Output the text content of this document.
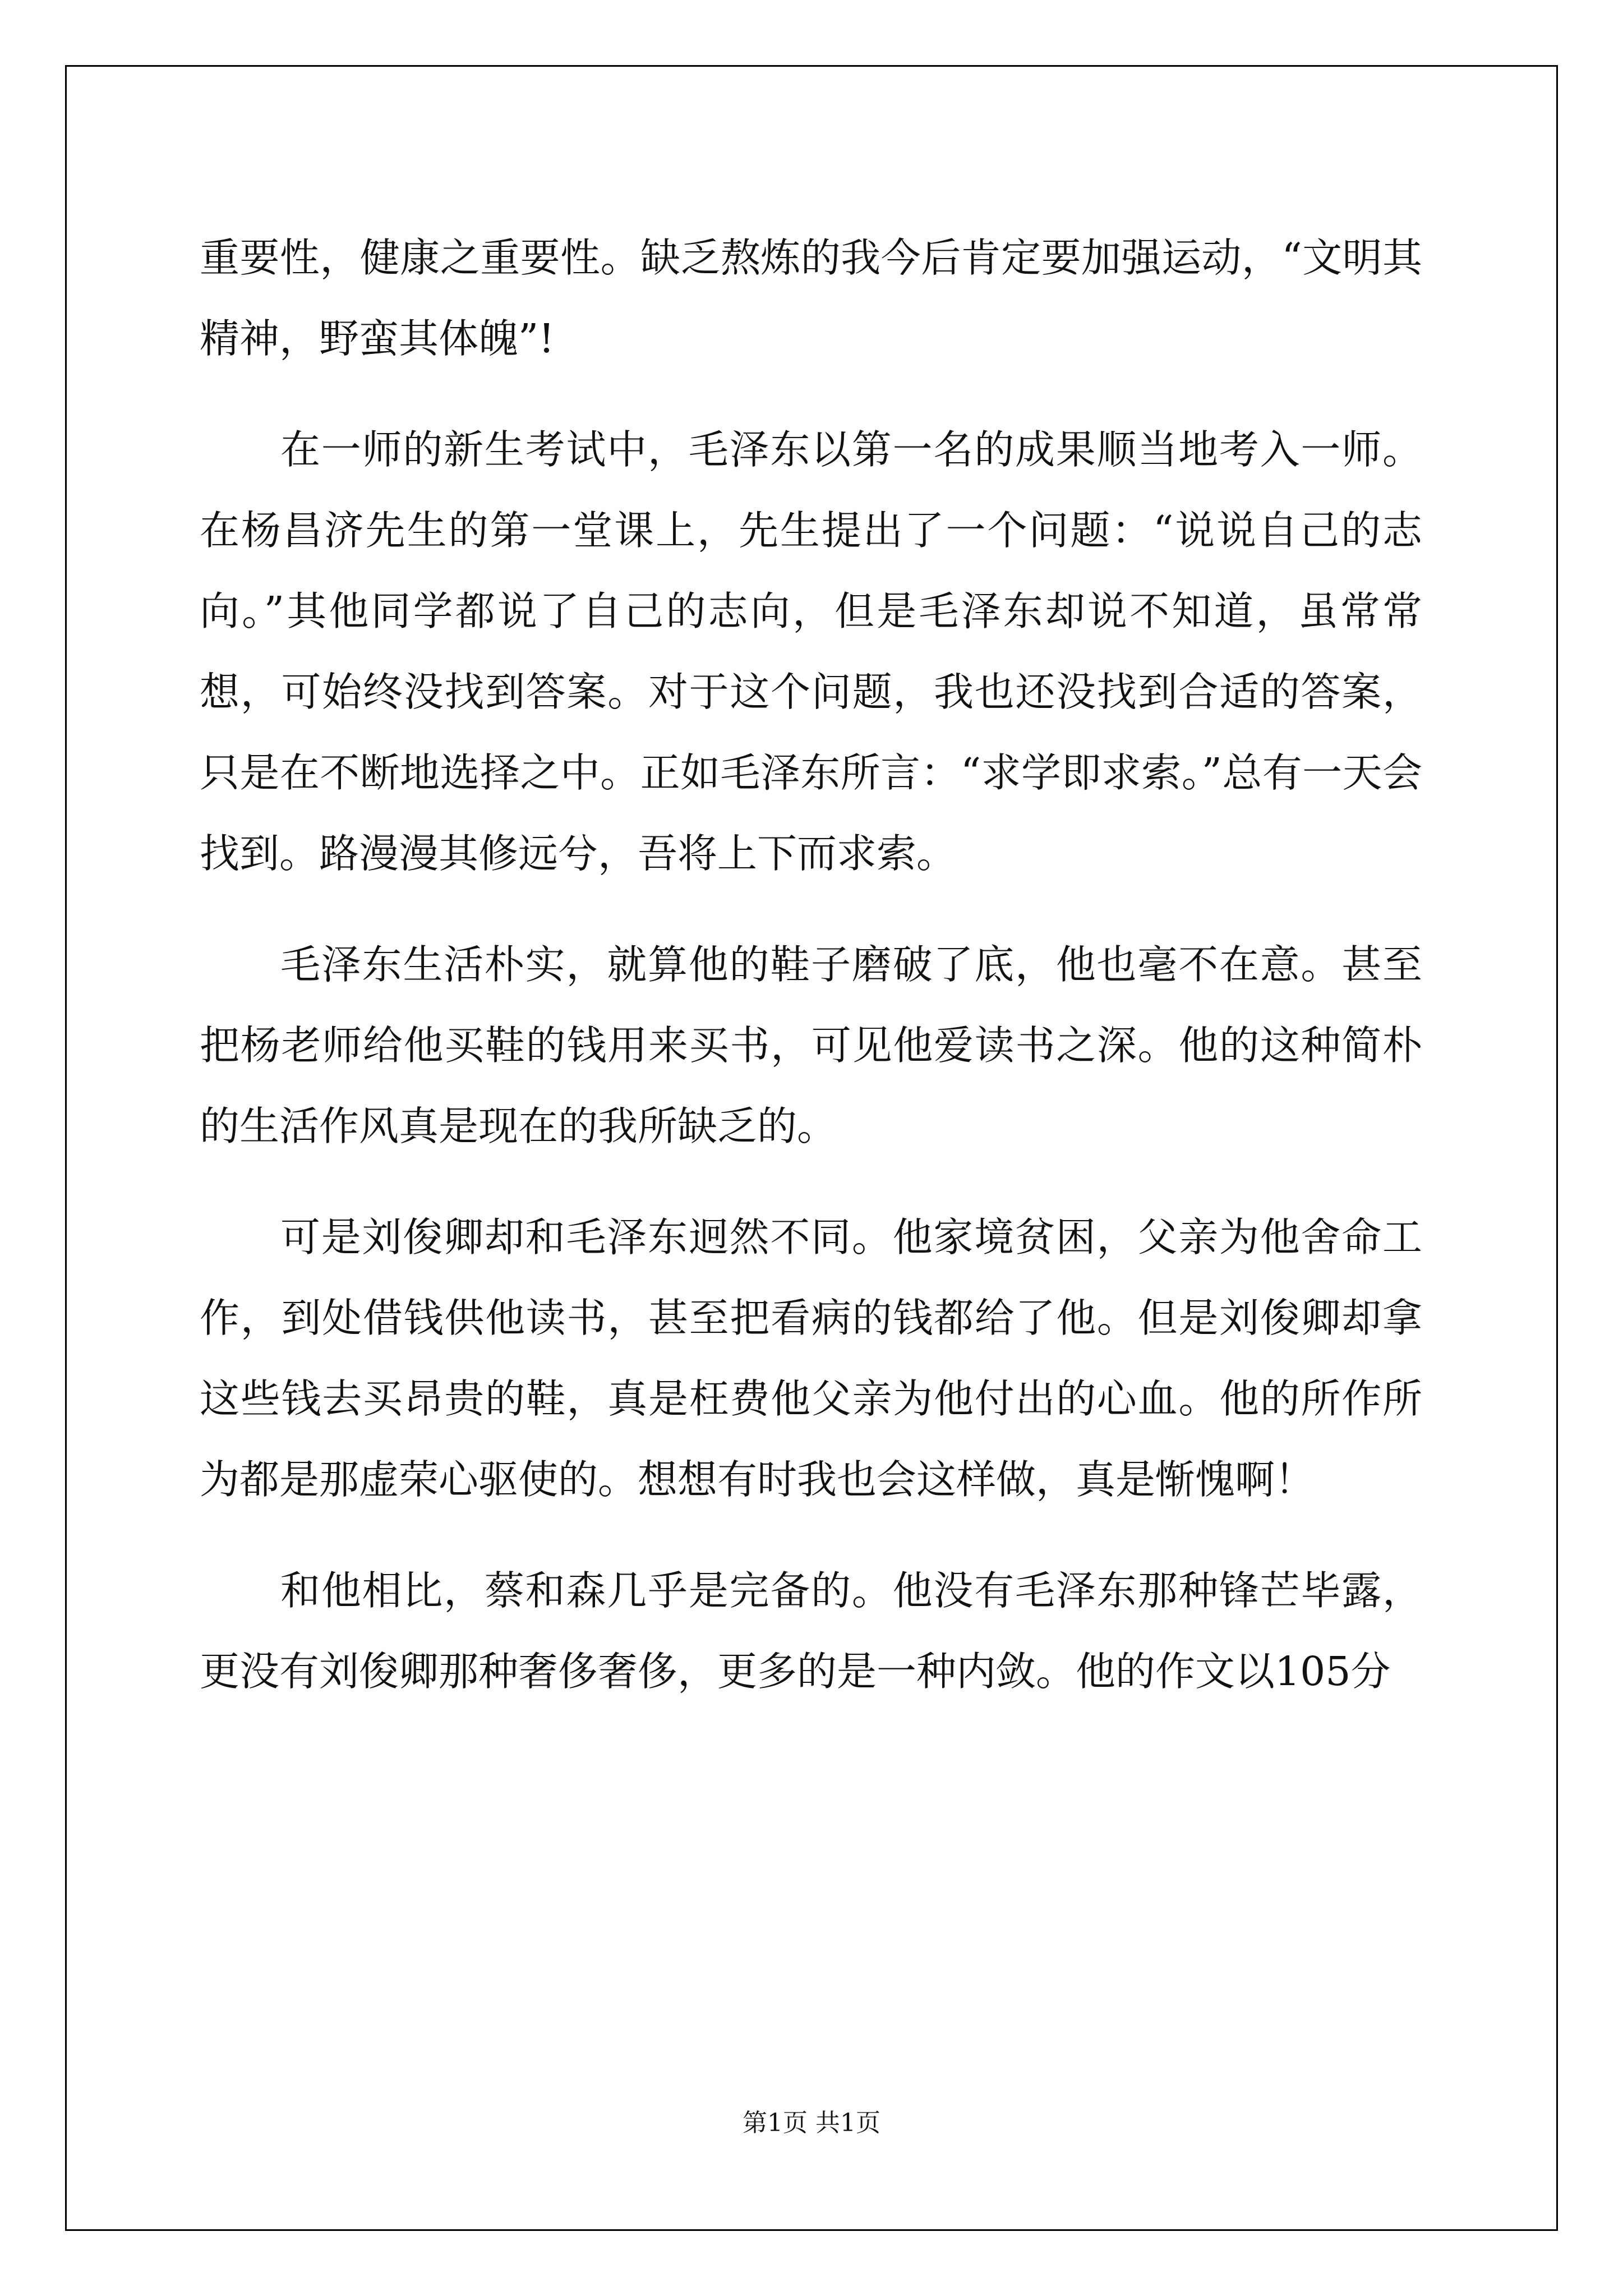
重要性，健康之重要性。缺乏熬炼的我今后肯定要加强运动，“文明其精神，野蛮其体魄”!

在一师的新生考试中，毛泽东以第一名的成果顺当地考入一师。在杨昌济先生的第一堂课上，先生提出了一个问题：“说说自己的志向。”其他同学都说了自己的志向，但是毛泽东却说不知道，虽常常想，可始终没找到答案。对于这个问题，我也还没找到合适的答案，只是在不断地选择之中。正如毛泽东所言：“求学即求索。”总有一天会找到。路漫漫其修远兮，吾将上下而求索。

毛泽东生活朴实，就算他的鞋子磨破了底，他也毫不在意。甚至把杨老师给他买鞋的钱用来买书，可见他爱读书之深。他的这种简朴的生活作风真是现在的我所缺乏的。

可是刘俊卿却和毛泽东迥然不同。他家境贫困，父亲为他舍命工作，到处借钱供他读书，甚至把看病的钱都给了他。但是刘俊卿却拿这些钱去买昂贵的鞋，真是枉费他父亲为他付出的心血。他的所作所为都是那虚荣心驱使的。想想有时我也会这样做，真是惭愧啊！

和他相比，蔡和森几乎是完备的。他没有毛泽东那种锋芒毕露，更没有刘俊卿那种奢侈奢侈，更多的是一种内敛。他的作文以105分

第1页 共1页
